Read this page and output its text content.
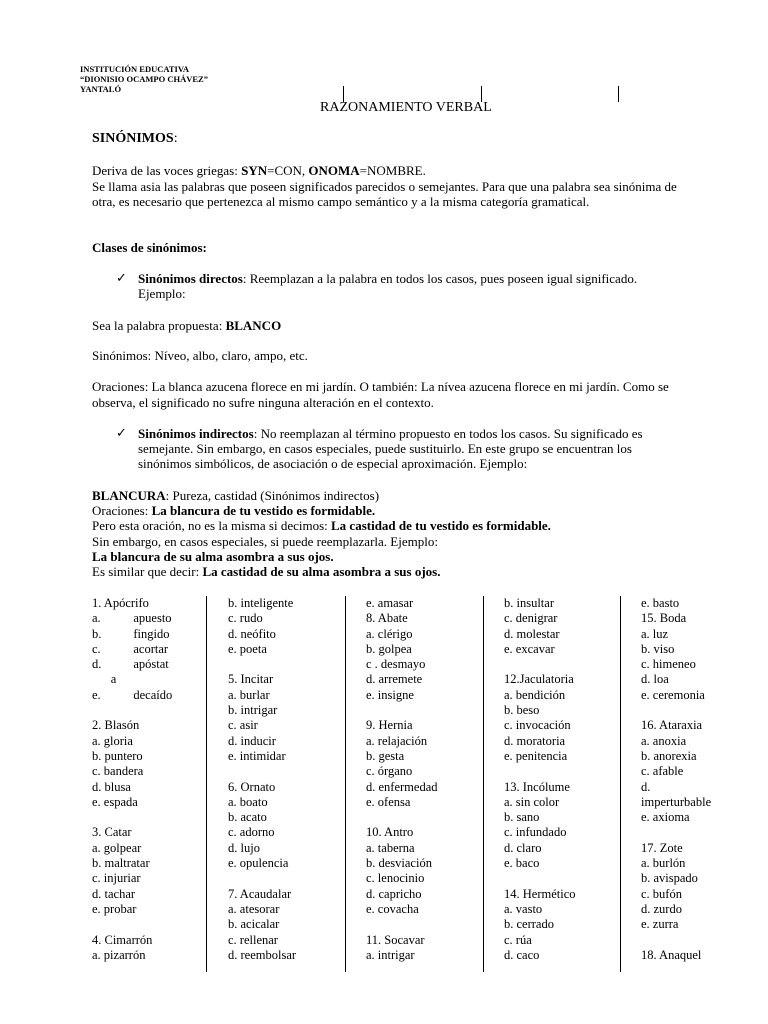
INSTITUCIÓN EDUCATIVA
“DIONISIO OCAMPO CHÁVEZ”
YANTALÓ
RAZONAMIENTO VERBAL
SINÓNIMOS:
Deriva de las voces griegas: SYN=CON, ONOMA=NOMBRE.
Se llama asia las palabras que poseen significados parecidos o semejantes. Para que una palabra sea sinónima de
otra, es necesario que pertenezca al mismo campo semántico y a la misma categoría gramatical.
Clases de sinónimos:
✓ Sinónimos directos: Reemplazan a la palabra en todos los casos, pues poseen igual significado.
Ejemplo:
Sea la palabra propuesta: BLANCO
Sinónimos: Níveo, albo, claro, ampo, etc.
Oraciones: La blanca azucena florece en mi jardín. O también: La nívea azucena florece en mi jardín. Como se
observa, el significado no sufre ninguna alteración en el contexto.
✓ Sinónimos indirectos: No reemplazan al término propuesto en todos los casos. Su significado es
semejante. Sin embargo, en casos especiales, puede sustituirlo. En este grupo se encuentran los
sinónimos simbólicos, de asociación o de especial aproximación. Ejemplo:
BLANCURA: Pureza, castidad (Sinónimos indirectos)
Oraciones: La blancura de tu vestido es formidable.
Pero esta oración, no es la misma si decimos: La castidad de tu vestido es formidable.
Sin embargo, en casos especiales, si puede reemplazarla. Ejemplo:
La blancura de su alma asombra a sus ojos.
Es similar que decir: La castidad de su alma asombra a sus ojos.
1. Apócrifo
a.   apuesto
b.   fingido
c.   acortar
d.   apóstat
a
e.   decaído
2. Blasón
a. gloria
b. puntero
c. bandera
d. blusa
e. espada
3. Catar
a. golpear
b. maltratar
c. injuriar
d. tachar
e. probar
4. Cimarrón
a. pizarrón
b. inteligente
c. rudo
d. neófito
e. poeta
5. Incitar
a. burlar
b. intrigar
c. asir
d. inducir
e. intimidar
6. Ornato
a. boato
b. acato
c. adorno
d. lujo
e. opulencia
7. Acaudalar
a. atesorar
b. acicalar
c. rellenar
d. reembolsar
e. amasar
8. Abate
a. clérigo
b. golpea
c . desmayo
d. arremete
e. insigne
9. Hernia
a. relajación
b. gesta
c. órgano
d. enfermedad
e. ofensa
10. Antro
a. taberna
b. desviación
c. lenocinio
d. capricho
e. covacha
11. Socavar
a. intrigar
b. insultar
c. denigrar
d. molestar
e. excavar
12.Jaculatoria
a. bendición
b. beso
c. invocación
d. moratoria
e. penitencia
13. Incólume
a. sin color
b. sano
c. infundado
d. claro
e. baco
14. Hermético
a. vasto
b. cerrado
c. rúa
d. caco
e. basto
15. Boda
a. luz
b. viso
c. himeneo
d. loa
e. ceremonia
16. Ataraxia
a. anoxia
b. anorexia
c. afable
d.
imperturbable
e. axioma
17. Zote
a. burlón
b. avispado
c. bufón
d. zurdo
e. zurra
18. Anaquel
